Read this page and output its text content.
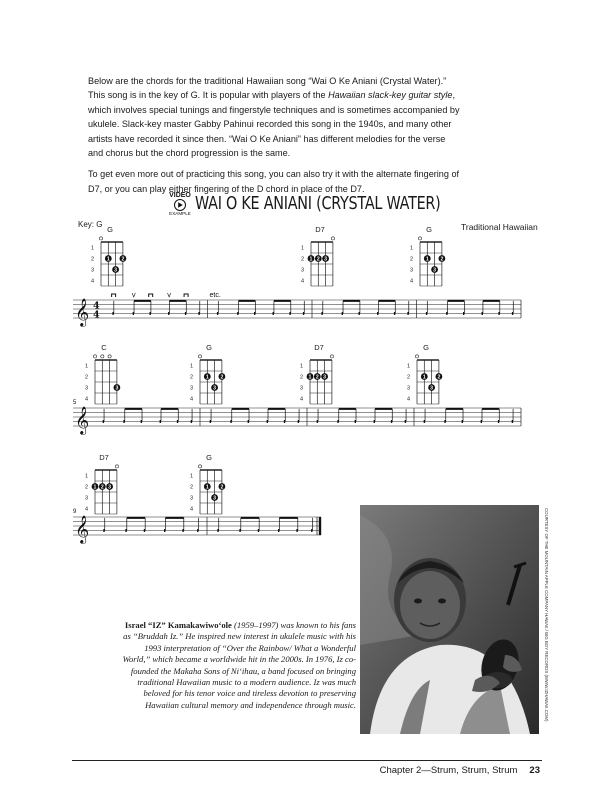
Below are the chords for the traditional Hawaiian song “Wai O Ke Aniani (Crystal Water).” This song is in the key of G. It is popular with players of the Hawaiian slack-key guitar style, which involves special tunings and fingerstyle techniques and is sometimes accompanied by ukulele. Slack-key master Gabby Pahinui recorded this song in the 1940s, and many other artists have recorded it since then. “Wai O Ke Aniani” has different melodies for the verse and chorus but the chord progression is the same.

To get even more out of practicing this song, you can also try it with the alternate fingering of D7, or you can play either fingering of the D chord in place of the D7.

VIDEO
EXAMPLE WAI O KE ANIANI (CRYSTAL WATER)
Key: G	Traditional Hawaiian
G
1
2
3
4
1 2
3
D7
1
2
3
4
1 2 3
G
1
2
3
4
1 2
3
C
1
2
3
4
3
G
1
2
3
4
1 2
3
D7
1
2
3
4
1 2 3
G
1
2
3
4
1 2
3
D7
1
2
3
4
1 2 3
G
1
2
3
4
1 2
3
𝄞 4
4
etc.
𝄞
5
𝄞
9	COURTESY OF THE MOUNTAIN APPLE COMPANY HAWAII / BIG BOY RECORDS (WWW.IZHAWAII.COM)
Israel “IZ” Kamakawiwo‘ole (1959–1997) was known to his fans as “Bruddah Iz.” He inspired new interest in ukulele music with his 1993 interpretation of “Over the Rainbow/ What a Wonderful World,” which became a worldwide hit in the 2000s. In 1976, Iz co-founded the Makaha Sons of Ni‘ihau, a band focused on bringing traditional Hawaiian music to a modern audience. Iz was much beloved for his tenor voice and tireless devotion to preserving Hawaiian cultural memory and independence through music.
Chapter 2—Strum, Strum, Strum 23
